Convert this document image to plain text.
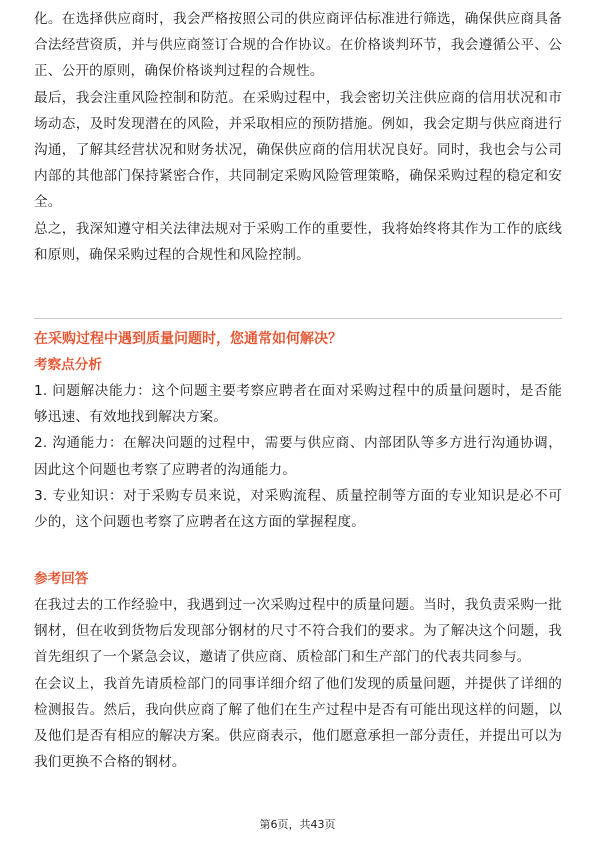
化。在选择供应商时，我会严格按照公司的供应商评估标准进行筛选，确保供应商具备合法经营资质，并与供应商签订合规的合作协议。在价格谈判环节，我会遵循公平、公正、公开的原则，确保价格谈判过程的合规性。

最后，我会注重风险控制和防范。在采购过程中，我会密切关注供应商的信用状况和市场动态，及时发现潜在的风险，并采取相应的预防措施。例如，我会定期与供应商进行沟通，了解其经营状况和财务状况，确保供应商的信用状况良好。同时，我也会与公司内部的其他部门保持紧密合作，共同制定采购风险管理策略，确保采购过程的稳定和安全。

总之，我深知遵守相关法律法规对于采购工作的重要性，我将始终将其作为工作的底线和原则，确保采购过程的合规性和风险控制。

在采购过程中遇到质量问题时，您通常如何解决？

考察点分析

1. 问题解决能力：这个问题主要考察应聘者在面对采购过程中的质量问题时，是否能够迅速、有效地找到解决方案。

2. 沟通能力：在解决问题的过程中，需要与供应商、内部团队等多方进行沟通协调，因此这个问题也考察了应聘者的沟通能力。

3. 专业知识：对于采购专员来说，对采购流程、质量控制等方面的专业知识是必不可少的，这个问题也考察了应聘者在这方面的掌握程度。

参考回答

在我过去的工作经验中，我遇到过一次采购过程中的质量问题。当时，我负责采购一批钢材，但在收到货物后发现部分钢材的尺寸不符合我们的要求。为了解决这个问题，我首先组织了一个紧急会议，邀请了供应商、质检部门和生产部门的代表共同参与。

在会议上，我首先请质检部门的同事详细介绍了他们发现的质量问题，并提供了详细的检测报告。然后，我向供应商了解了他们在生产过程中是否有可能出现这样的问题，以及他们是否有相应的解决方案。供应商表示，他们愿意承担一部分责任，并提出可以为我们更换不合格的钢材。

第6页，共43页
